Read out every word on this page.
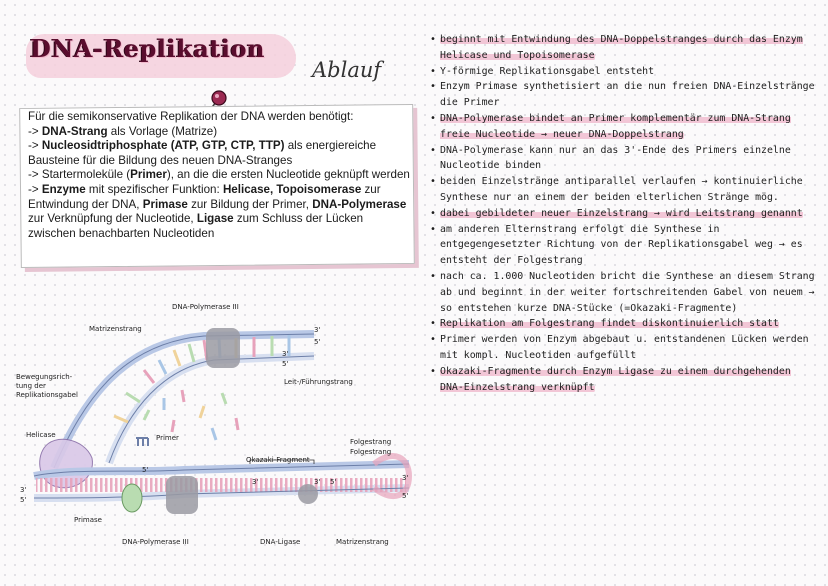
DNA-Replikation
Ablauf

Für die semikonservative Replikation der DNA werden benötigt:

-> DNA-Strang als Vorlage (Matrize)

-> Nucleosidtriphosphate (ATP, GTP, CTP, TTP) als energiereiche Bausteine für die Bildung des neuen DNA-Stranges

-> Startermoleküle (Primer), an die die ersten Nucleotide geknüpft werden

-> Enzyme mit spezifischer Funktion: Helicase, Topoisomerase zur Entwindung der DNA, Primase zur Bildung der Primer, DNA-Polymerase zur Verknüpfung der Nucleotide, Ligase zum Schluss der Lücken zwischen benachbarten Nucleotiden

DNA-Polymerase III
Matrizenstrang
Bewegungsrich-
tung der
Replikationsgabel
Leit-/Führungstrang
Helicase	Primer
Okazaki-Fragment
Folgestrang
Folgestrang
Primase
DNA-Polymerase III	DNA-Ligase	Matrizenstrang
3'
5'
3'
5'
3'
5'
5'
3'	3' 5'	3'
5'
• beginnt mit Entwindung des DNA-Doppelstranges durch das Enzym Helicase und Topoisomerase
• Y-förmige Replikationsgabel entsteht
• Enzym Primase synthetisiert an die nun freien DNA-Einzelstränge die Primer
• DNA-Polymerase bindet an Primer komplementär zum DNA-Strang freie Nucleotide → neuer DNA-Doppelstrang
• DNA-Polymerase kann nur an das 3'-Ende des Primers einzelne Nucleotide binden
• beiden Einzelstränge antiparallel verlaufen → kontinuierliche Synthese nur an einem der beiden elterlichen Stränge mög.
• dabei gebildeter neuer Einzelstrang → wird Leitstrang genannt
• am anderen Elternstrang erfolgt die Synthese in entgegengesetzter Richtung von der Replikationsgabel weg → es entsteht der Folgestrang
• nach ca. 1.000 Nucleotiden bricht die Synthese an diesem Strang ab und beginnt in der weiter fortschreitenden Gabel von neuem → so entstehen kurze DNA-Stücke (=Okazaki-Fragmente)
• Replikation am Folgestrang findet diskontinuierlich statt
• Primer werden von Enzym abgebaut u. entstandenen Lücken werden mit kompl. Nucleotiden aufgefüllt
• Okazaki-Fragmente durch Enzym Ligase zu einem durchgehenden DNA-Einzelstrang verknüpft
